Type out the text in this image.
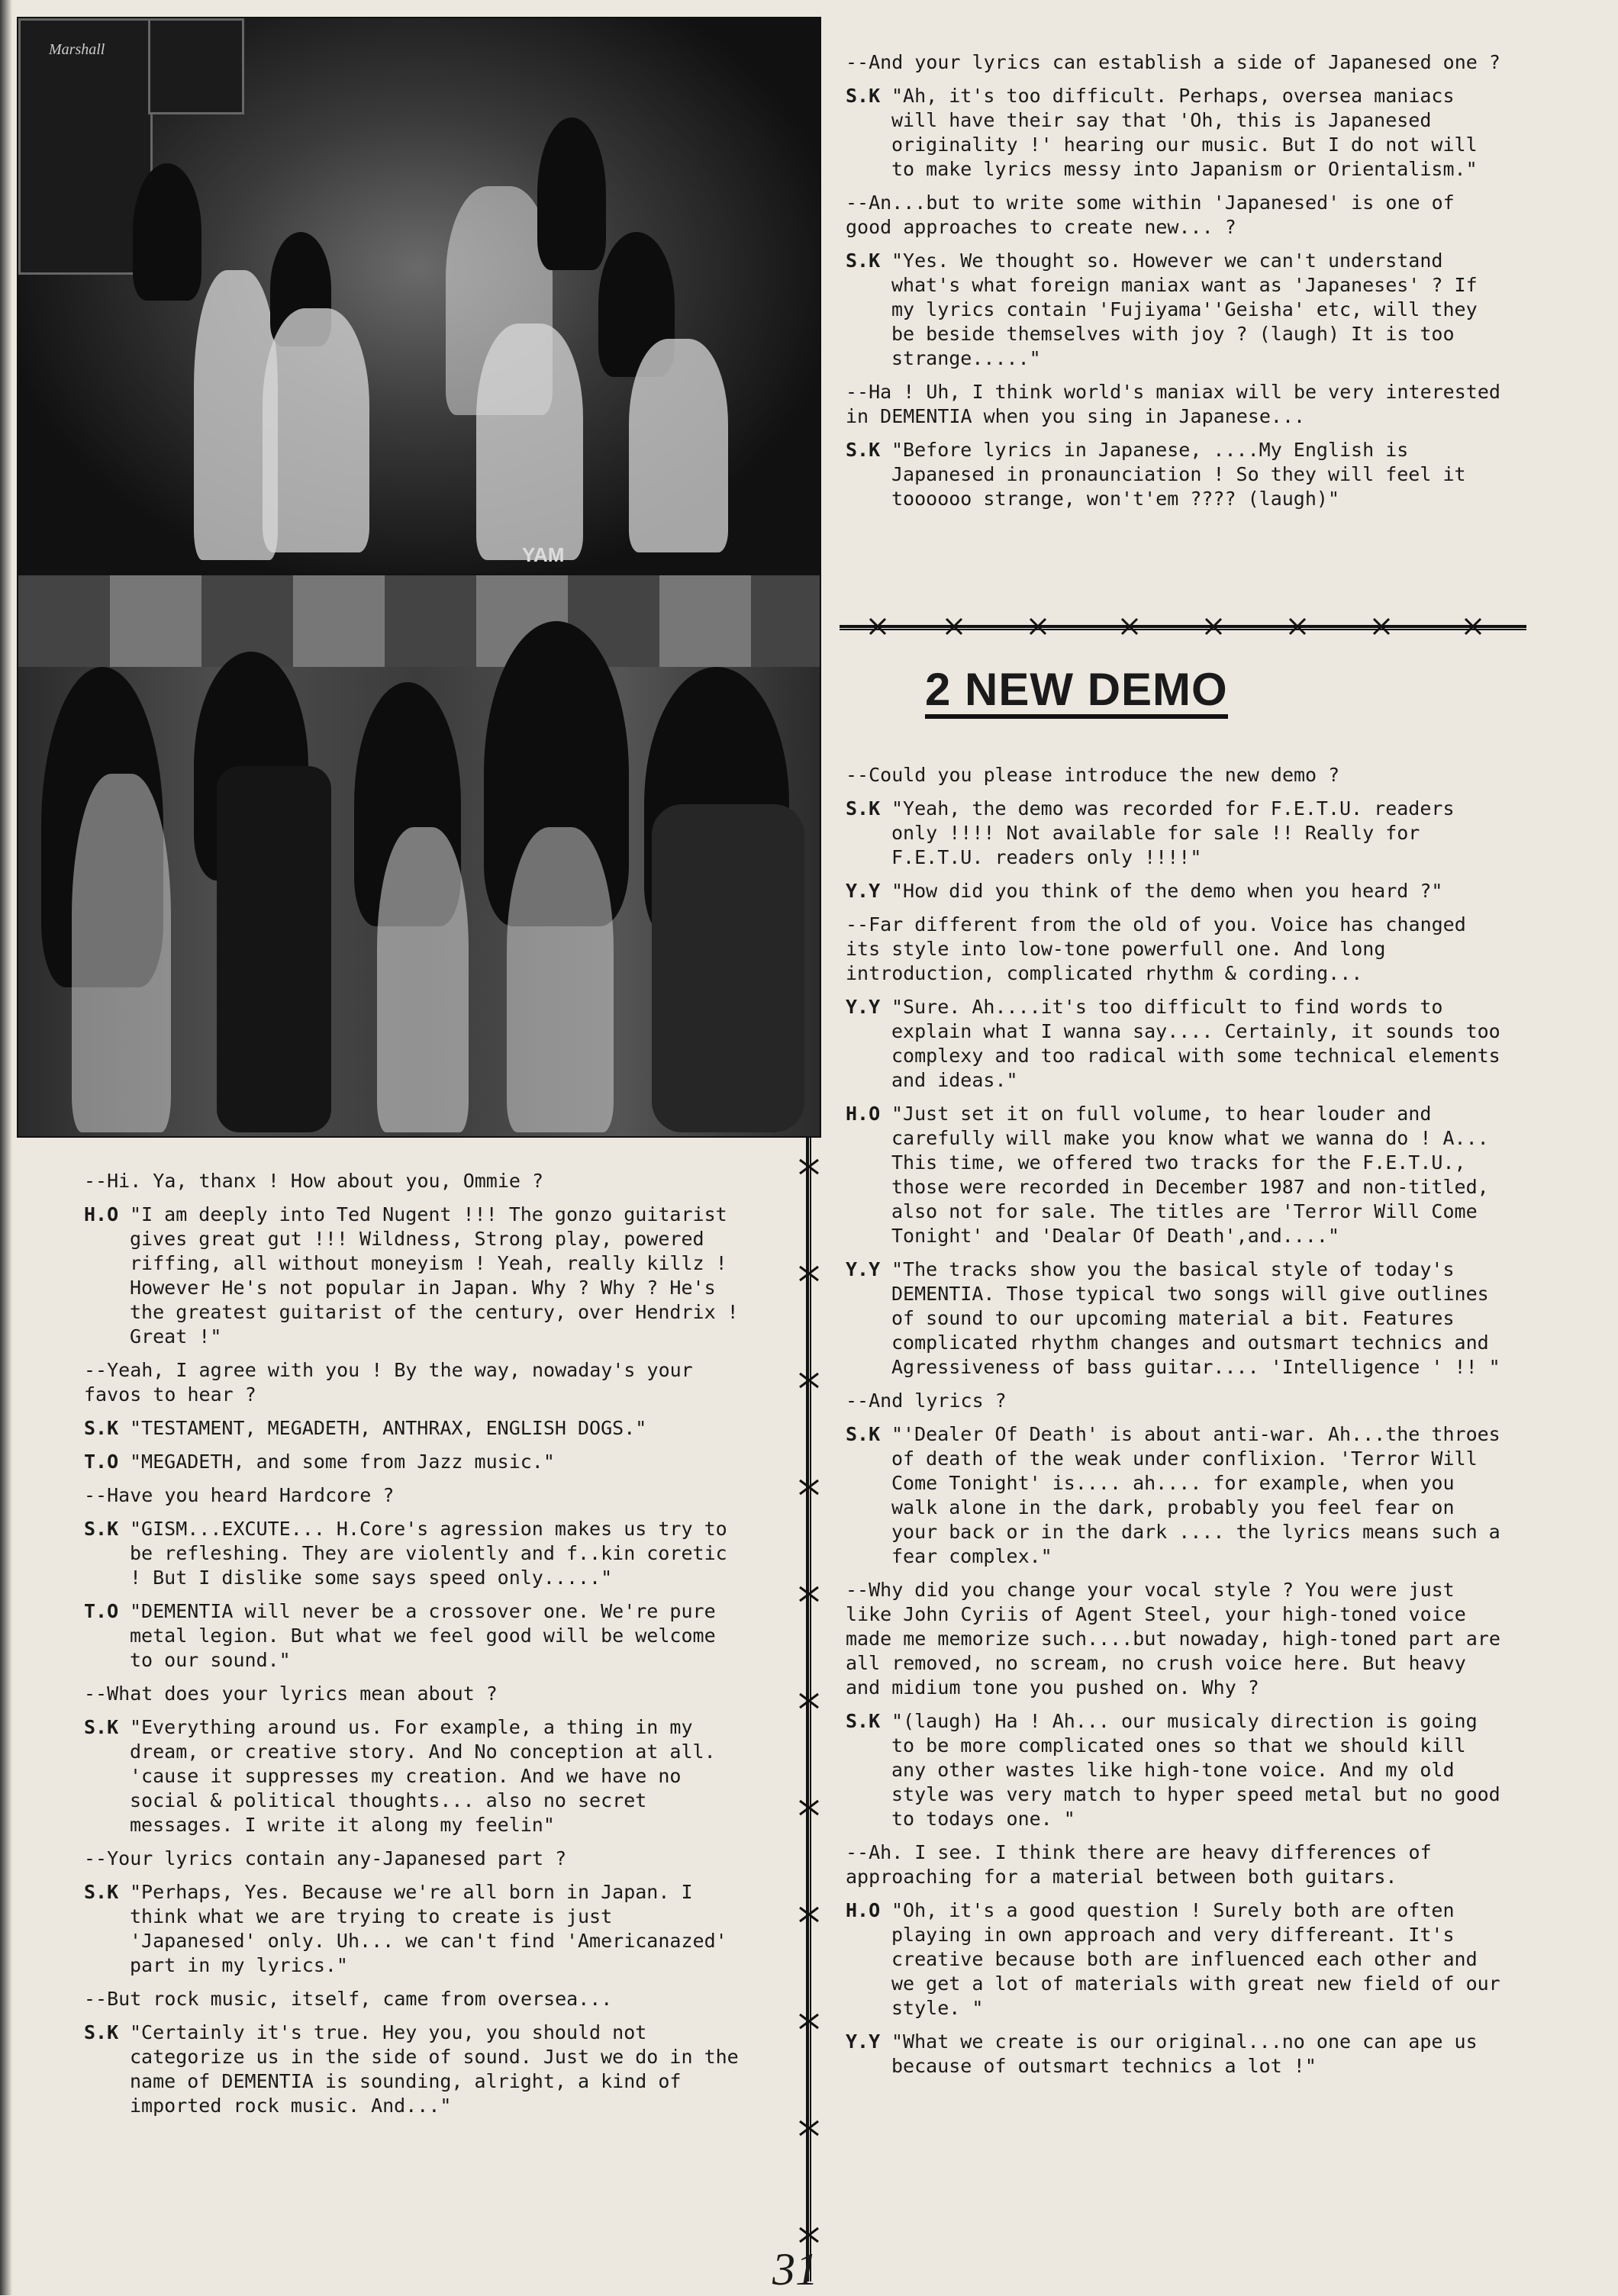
YAM
Marshall
--And your lyrics can establish a side of Japanesed one ?
S.K "Ah, it's too difficult. Perhaps, oversea maniacs will have their say that 'Oh, this is Japanesed originality !' hearing our music. But I do not will to make lyrics messy into Japanism or Orientalism."
--An...but to write some within 'Japanesed' is one of good approaches to create new... ?
S.K "Yes. We thought so. However we can't understand what's what foreign maniax want as 'Japaneses' ? If my lyrics contain 'Fujiyama''Geisha' etc, will they be beside themselves with joy ? (laugh) It is too strange....."
--Ha ! Uh, I think world's maniax will be very interested in DEMENTIA when you sing in Japanese...
S.K "Before lyrics in Japanese, ....My English is Japanesed in pronaunciation ! So they will feel it toooooo strange, won't'em ???? (laugh)"
2 NEW DEMO
--Could you please introduce the new demo ?
S.K "Yeah, the demo was recorded for F.E.T.U. readers only !!!! Not available for sale !! Really for F.E.T.U. readers only !!!!"
Y.Y "How did you think of the demo when you heard ?"
--Far different from the old of you. Voice has changed its style into low-tone powerfull one. And long introduction, complicated rhythm & cording...
Y.Y "Sure. Ah....it's too difficult to find words to explain what I wanna say.... Certainly, it sounds too complexy and too radical with some technical elements and ideas."
H.O "Just set it on full volume, to hear louder and carefully will make you know what we wanna do ! A... This time, we offered two tracks for the F.E.T.U., those were recorded in December 1987 and non-titled, also not for sale. The titles are 'Terror Will Come Tonight' and 'Dealar Of Death',and...."
Y.Y "The tracks show you the basical style of today's DEMENTIA. Those typical two songs will give outlines of sound to our upcoming material a bit. Features complicated rhythm changes and outsmart technics and Agressiveness of bass guitar.... 'Intelligence ' !! "
--And lyrics ?
S.K "'Dealer Of Death' is about anti-war. Ah...the throes of death of the weak under conflixion. 'Terror Will Come Tonight' is.... ah.... for example, when you walk alone in the dark, probably you feel fear on your back or in the dark .... the lyrics means such a fear complex."
--Why did you change your vocal style ? You were just like John Cyriis of Agent Steel, your high-toned voice made me memorize such....but nowaday, high-toned part are all removed, no scream, no crush voice here. But heavy and midium tone you pushed on. Why ?
S.K "(laugh) Ha ! Ah... our musicaly direction is going to be more complicated ones so that we should kill any other wastes like high-tone voice. And my old style was very match to hyper speed metal but no good to todays one. "
--Ah. I see. I think there are heavy differences of approaching for a material between both guitars.
H.O "Oh, it's a good question ! Surely both are often playing in own approach and very differeant. It's creative because both are influenced each other and we get a lot of materials with great new field of our style. "
Y.Y "What we create is our original...no one can ape us because of outsmart technics a lot !"
--Hi. Ya, thanx ! How about you, Ommie ?
H.O "I am deeply into Ted Nugent !!! The gonzo guitarist gives great gut !!! Wildness, Strong play, powered riffing, all without moneyism ! Yeah, really killz ! However He's not popular in Japan. Why ? Why ? He's the greatest guitarist of the century, over Hendrix ! Great !"
--Yeah, I agree with you ! By the way, nowaday's your favos to hear ?
S.K "TESTAMENT, MEGADETH, ANTHRAX, ENGLISH DOGS."
T.O "MEGADETH, and some from Jazz music."
--Have you heard Hardcore ?
S.K "GISM...EXCUTE... H.Core's agression makes us try to be refleshing. They are violently and f..kin coretic ! But I dislike some says speed only....."
T.O "DEMENTIA will never be a crossover one. We're pure metal legion. But what we feel good will be welcome to our sound."
--What does your lyrics mean about ?
S.K "Everything around us. For example, a thing in my dream, or creative story. And No conception at all. 'cause it suppresses my creation. And we have no social & political thoughts... also no secret messages. I write it along my feelin"
--Your lyrics contain any-Japanesed part ?
S.K "Perhaps, Yes. Because we're all born in Japan. I think what we are trying to create is just 'Japanesed' only. Uh... we can't find 'Americanazed' part in my lyrics."
--But rock music, itself, came from oversea...
S.K "Certainly it's true. Hey you, you should not categorize us in the side of sound. Just we do in the name of DEMENTIA is sounding, alright, a kind of imported rock music. And..."
31
